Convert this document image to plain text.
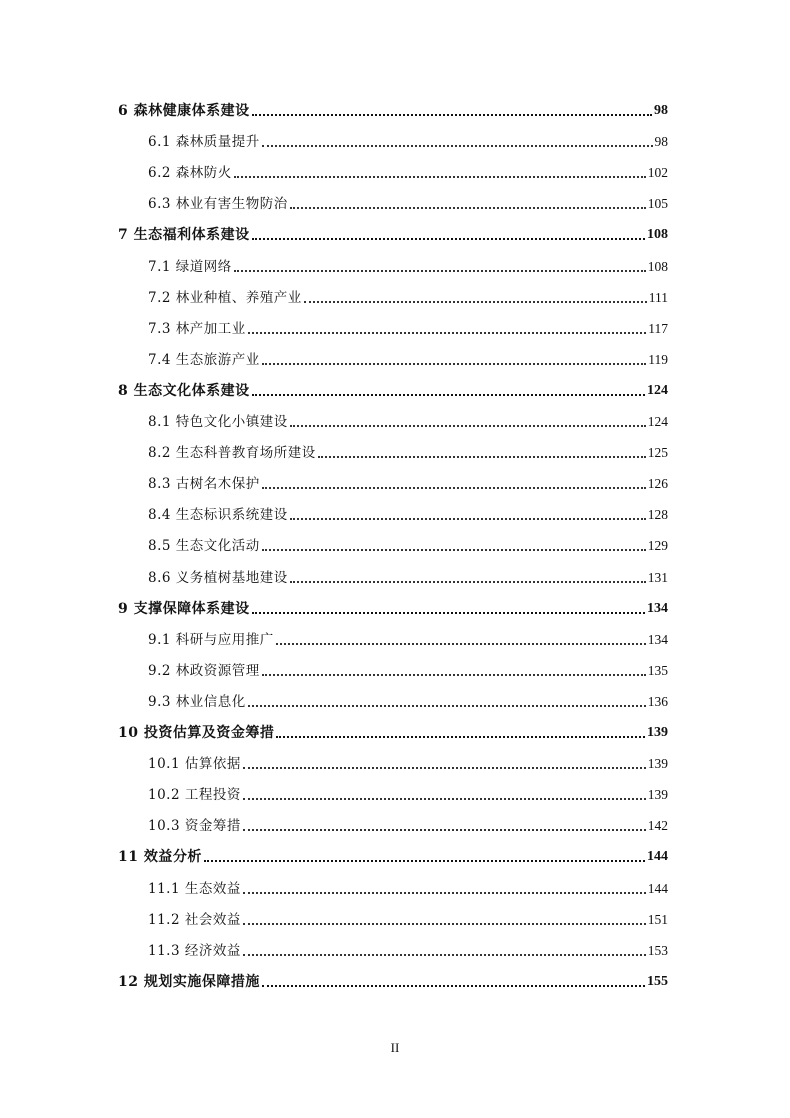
6 森林健康体系建设	98
6.1 森林质量提升	98
6.2 森林防火	102
6.3 林业有害生物防治	105
7 生态福利体系建设	108
7.1 绿道网络	108
7.2 林业种植、养殖产业	111
7.3 林产加工业	117
7.4 生态旅游产业	119
8 生态文化体系建设	124
8.1 特色文化小镇建设	124
8.2 生态科普教育场所建设	125
8.3 古树名木保护	126
8.4 生态标识系统建设	128
8.5 生态文化活动	129
8.6 义务植树基地建设	131
9 支撑保障体系建设	134
9.1 科研与应用推广	134
9.2 林政资源管理	135
9.3 林业信息化	136
10 投资估算及资金筹措	139
10.1 估算依据	139
10.2 工程投资	139
10.3 资金筹措	142
11 效益分析	144
11.1 生态效益	144
11.2 社会效益	151
11.3 经济效益	153
12 规划实施保障措施	155
II
